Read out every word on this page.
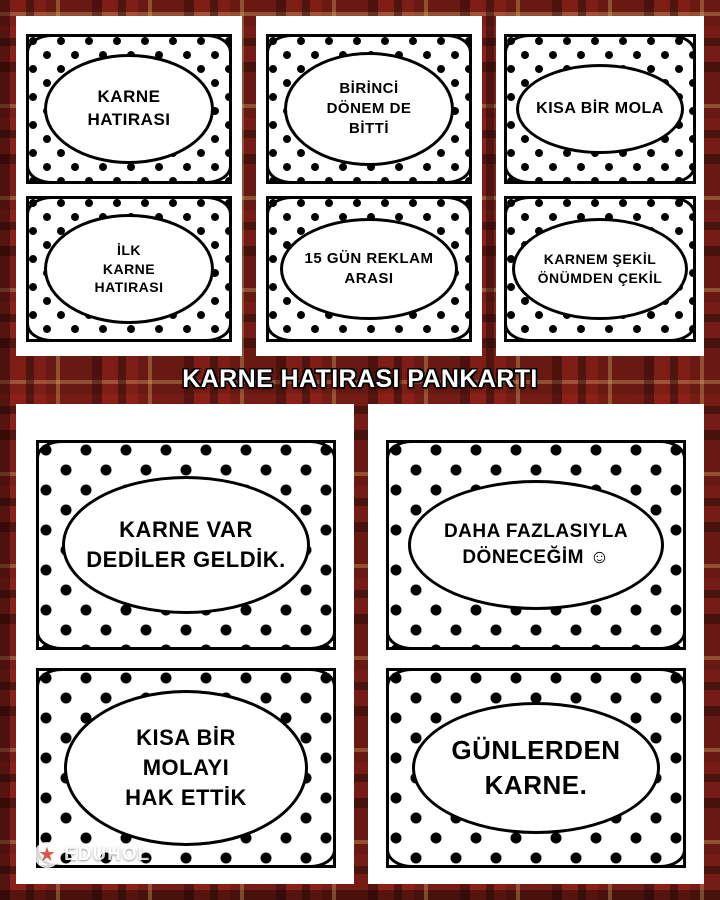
KARNE
HATIRASI
İLK
KARNE
HATIRASI
BİRİNCİ
DÖNEM DE
BİTTİ
15 GÜN REKLAM
ARASI
KISA BİR MOLA
KARNEM ŞEKİL
ÖNÜMDEN ÇEKİL
KARNE HATIRASI PANKARTI
KARNE VAR
DEDİLER GELDİK.
KISA BİR
MOLAYI
HAK ETTİK
DAHA FAZLASIYLA
DÖNECEĞİM ☺
GÜNLERDEN
KARNE.
★ EDUHOL
